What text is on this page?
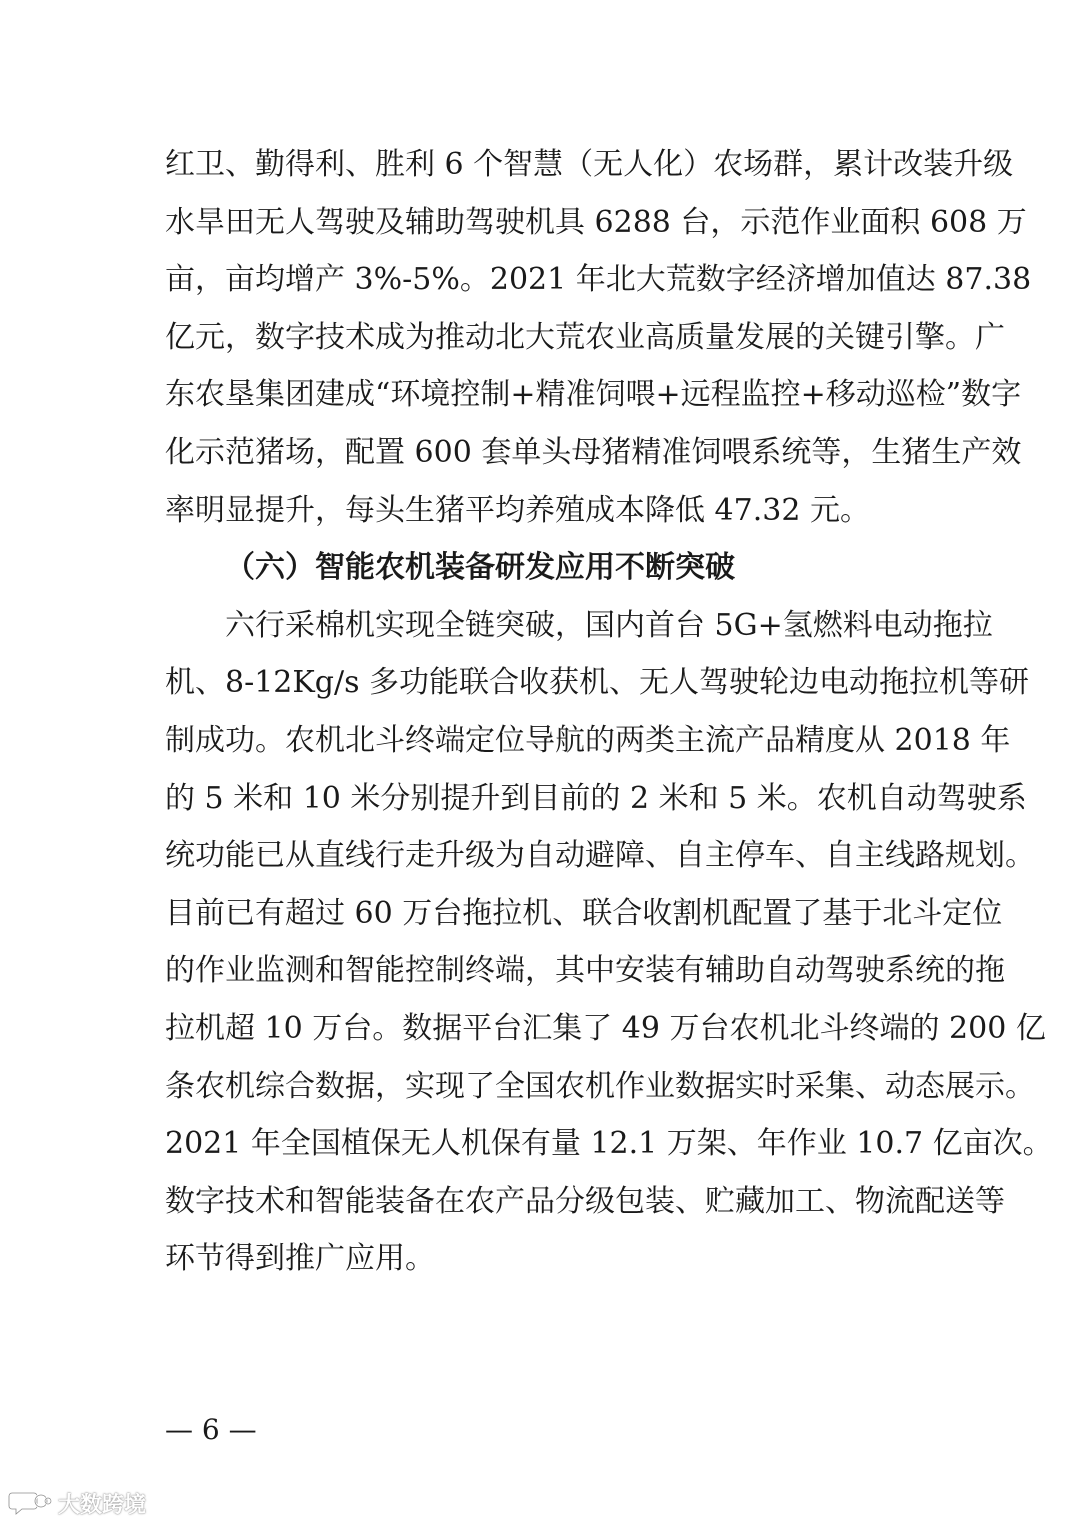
红卫、勤得利、胜利 6 个智慧（无人化）农场群，累计改装升级
水旱田无人驾驶及辅助驾驶机具 6288 台，示范作业面积 608 万
亩，亩均增产 3%-5%。2021 年北大荒数字经济增加值达 87.38
亿元，数字技术成为推动北大荒农业高质量发展的关键引擎。广
东农垦集团建成“环境控制+精准饲喂+远程监控+移动巡检”数字
化示范猪场，配置 600 套单头母猪精准饲喂系统等，生猪生产效
率明显提升，每头生猪平均养殖成本降低 47.32 元。
（六）智能农机装备研发应用不断突破
六行采棉机实现全链突破，国内首台 5G+氢燃料电动拖拉
机、8-12Kg/s 多功能联合收获机、无人驾驶轮边电动拖拉机等研
制成功。农机北斗终端定位导航的两类主流产品精度从 2018 年
的 5 米和 10 米分别提升到目前的 2 米和 5 米。农机自动驾驶系
统功能已从直线行走升级为自动避障、自主停车、自主线路规划。
目前已有超过 60 万台拖拉机、联合收割机配置了基于北斗定位
的作业监测和智能控制终端，其中安装有辅助自动驾驶系统的拖
拉机超 10 万台。数据平台汇集了 49 万台农机北斗终端的 200 亿
条农机综合数据，实现了全国农机作业数据实时采集、动态展示。
2021 年全国植保无人机保有量 12.1 万架、年作业 10.7 亿亩次。
数字技术和智能装备在农产品分级包装、贮藏加工、物流配送等
环节得到推广应用。
— 6 —
大数跨境
